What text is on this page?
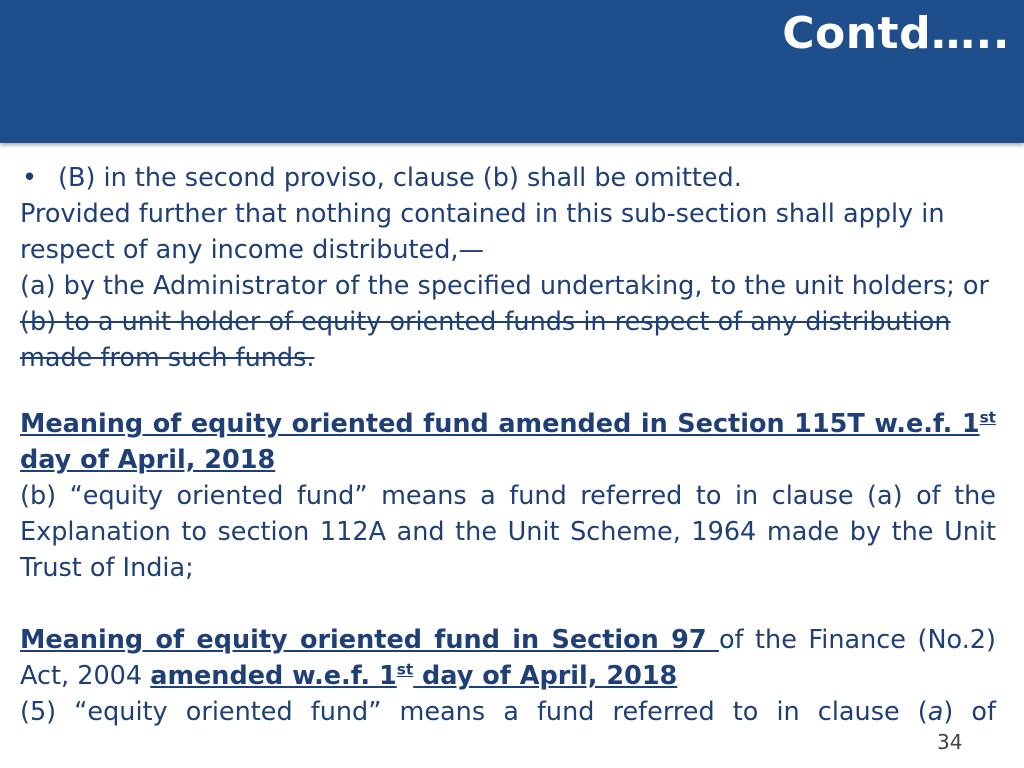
Contd…..

• (B) in the second proviso, clause (b) shall be omitted.

Provided further that nothing contained in this sub-section shall apply in respect of any income distributed,—

(a) by the Administrator of the specified undertaking, to the unit holders; or

(b) to a unit holder of equity oriented funds in respect of any distribution made from such funds.

Meaning of equity oriented fund amended in Section 115T w.e.f. 1st day of April, 2018

(b) “equity oriented fund” means a fund referred to in clause (a) of the Explanation to section 112A and the Unit Scheme, 1964 made by the Unit Trust of India;

Meaning of equity oriented fund in Section 97 of the Finance (No.2) Act, 2004 amended w.e.f. 1st day of April, 2018

(5) “equity oriented fund” means a fund referred to in clause (a) of

34
